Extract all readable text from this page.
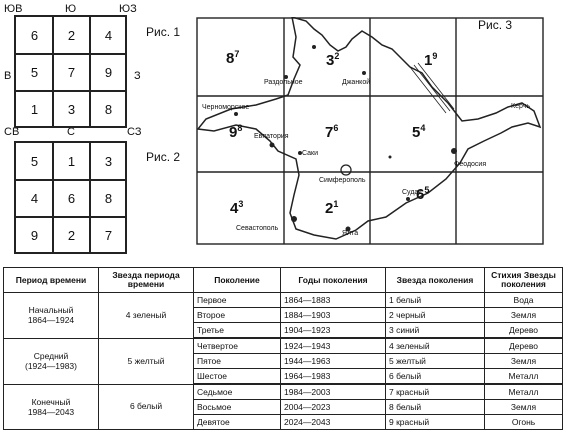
ЮВ	Ю	ЮЗ
В	З
СВ	С	СЗ
6	2	4
5	7	9
1	3	8
Рис. 1
5	1	3
4	6	8
9	2	7
Рис. 2
$8^7$	$3^2$	$1^9$
$9^8$	$7^6$	$5^4$
$4^3$	$2^1$
$6^5$
Раздольное	Джанкой
Черноморское
Евпатория
Саки
Керчь
Симферополь
Феодосия
Судак
Севастополь
Ялта
Рис. 3
Период времени	Звезда периода времени	Поколение	Годы поколения	Звезда поколения	Стихия Звезды поколения

Начальный
1864—1924	4 зеленый	Первое	1864—1883	1 белый	Вода
		Второе	1884—1903	2 черный	Земля
		Третье	1904—1923	3 синий	Дерево

Средний
(1924—1983)	5 желтый	Четвертое	1924—1943	4 зеленый	Дерево
		Пятое	1944—1963	5 желтый	Земля
		Шестое	1964—1983	6 белый	Металл

Конечный
1984—2043	6 белый	Седьмое	1984—2003	7 красный	Металл
		Восьмое	2004—2023	8 белый	Земля
		Девятое	2024—2043	9 красный	Огонь
